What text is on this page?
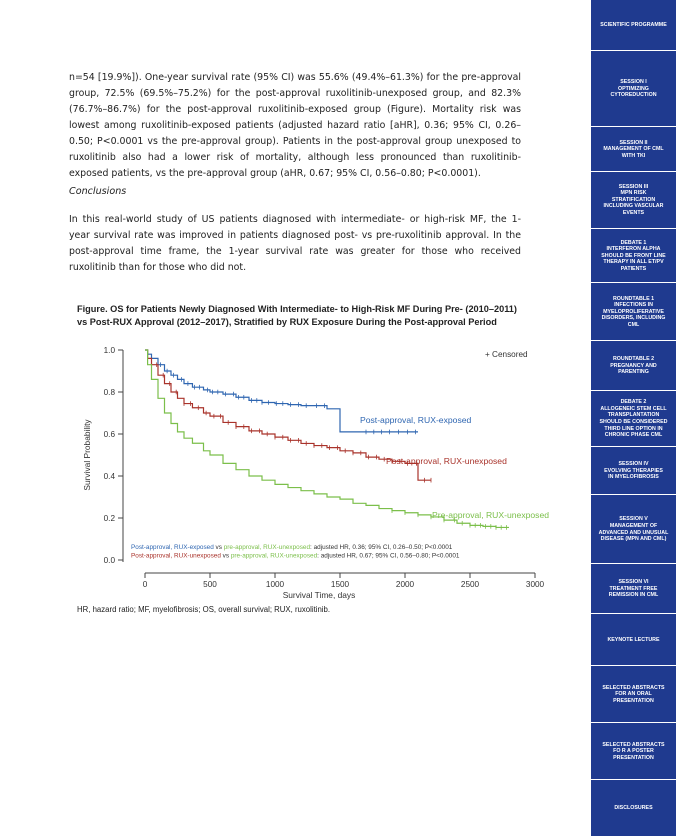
n=54 [19.9%]). One-year survival rate (95% CI) was 55.6% (49.4%–61.3%) for the pre-approval
group, 72.5% (69.5%–75.2%) for the post-approval ruxolitinib-unexposed group, and 82.3%
(76.7%–86.7%) for the post-approval ruxolitinib-exposed group (Figure). Mortality risk was
lowest among ruxolitinib-exposed patients (adjusted hazard ratio [aHR], 0.36; 95% CI, 0.26–
0.50; P<0.0001 vs the pre-approval group). Patients in the post-approval group unexposed to
ruxolitinib also had a lower risk of mortality, although less pronounced than ruxolitinib-
exposed patients, vs the pre-approval group (aHR, 0.67; 95% CI, 0.56–0.80; P<0.0001).

Conclusions

In this real-world study of US patients diagnosed with intermediate- or high-risk MF, the 1-
year survival rate was improved in patients diagnosed post- vs pre-ruxolitinib approval. In the
post-approval time frame, the 1-year survival rate was greater for those who received
ruxolitinib than for those who did not.

Figure. OS for Patients Newly Diagnosed With Intermediate- to High-Risk MF During Pre- (2010–2011)
vs Post-RUX Approval (2012–2017), Stratified by RUX Exposure During the Post-approval Period

0.0
0.2
0.4
0.6
0.8
1.0
0	500	1000	1500	2000	2500	3000
Survival Time, days
Survival Probability
+ Censored
Post-approval, RUX-exposed
Post-approval, RUX-unexposed
Pre-approval, RUX-unexposed
Post-approval, RUX-exposed vs pre-approval, RUX-unexposed: adjusted HR, 0.36; 95% CI, 0.26–0.50; P<0.0001
Post-approval, RUX-unexposed vs pre-approval, RUX-unexposed: adjusted HR, 0.67; 95% CI, 0.56–0.80; P<0.0001

HR, hazard ratio; MF, myelofibrosis; OS, overall survival; RUX, ruxolitinib.

SCIENTIFIC PROGRAMME
SESSION I
OPTIMIZING
CYTOREDUCTION
SESSION II
MANAGEMENT OF CML
WITH TKI
SESSION III
MPN RISK
STRATIFICATION
INCLUDING VASCULAR
EVENTS
DEBATE 1
INTERFERON ALPHA
SHOULD BE FRONT LINE
THERAPY IN ALL ET/PV
PATIENTS
ROUNDTABLE 1
INFECTIONS IN
MYELOPROLIFERATIVE
DISORDERS, INCLUDING
CML
ROUNDTABLE 2
PREGNANCY AND
PARENTING
DEBATE 2
ALLOGENEIC STEM CELL
TRANSPLANTATION
SHOULD BE CONSIDERED
THIRD LINE OPTION IN
CHRONIC PHASE CML
SESSION IV
EVOLVING THERAPIES
IN MYELOFIBROSIS
SESSION V
MANAGEMENT OF
ADVANCED AND UNUSUAL
DISEASE (MPN AND CML)
SESSION VI
TREATMENT FREE
REMISSION IN CML
KEYNOTE LECTURE
SELECTED ABSTRACTS
FOR AN ORAL
PRESENTATION
SELECTED ABSTRACTS
FO R A POSTER
PRESENTATION
DISCLOSURES
